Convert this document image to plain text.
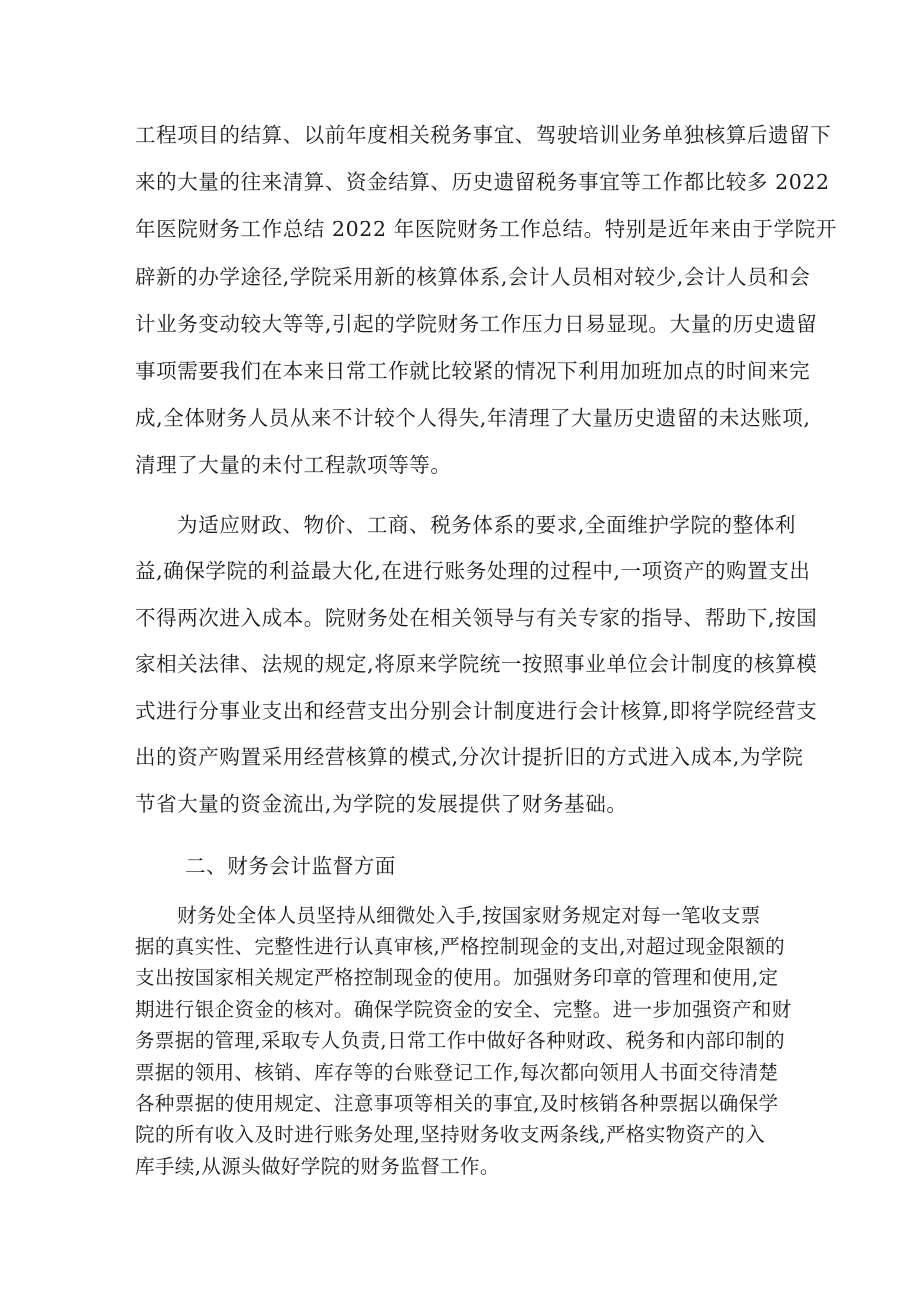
工程项目的结算、以前年度相关税务事宜、驾驶培训业务单独核算后遗留下
来的大量的往来清算、资金结算、历史遗留税务事宜等工作都比较多 2022
年医院财务工作总结 2022 年医院财务工作总结。特别是近年来由于学院开
辟新的办学途径,学院采用新的核算体系,会计人员相对较少,会计人员和会
计业务变动较大等等,引起的学院财务工作压力日易显现。大量的历史遗留
事项需要我们在本来日常工作就比较紧的情况下利用加班加点的时间来完
成,全体财务人员从来不计较个人得失,年清理了大量历史遗留的未达账项,
清理了大量的未付工程款项等等。
为适应财政、物价、工商、税务体系的要求,全面维护学院的整体利
益,确保学院的利益最大化,在进行账务处理的过程中,一项资产的购置支出
不得两次进入成本。院财务处在相关领导与有关专家的指导、帮助下,按国
家相关法律、法规的规定,将原来学院统一按照事业单位会计制度的核算模
式进行分事业支出和经营支出分别会计制度进行会计核算,即将学院经营支
出的资产购置采用经营核算的模式,分次计提折旧的方式进入成本,为学院
节省大量的资金流出,为学院的发展提供了财务基础。
二、财务会计监督方面
财务处全体人员坚持从细微处入手,按国家财务规定对每一笔收支票
据的真实性、完整性进行认真审核,严格控制现金的支出,对超过现金限额的
支出按国家相关规定严格控制现金的使用。加强财务印章的管理和使用,定
期进行银企资金的核对。确保学院资金的安全、完整。进一步加强资产和财
务票据的管理,采取专人负责,日常工作中做好各种财政、税务和内部印制的
票据的领用、核销、库存等的台账登记工作,每次都向领用人书面交待清楚
各种票据的使用规定、注意事项等相关的事宜,及时核销各种票据以确保学
院的所有收入及时进行账务处理,坚持财务收支两条线,严格实物资产的入
库手续,从源头做好学院的财务监督工作。
